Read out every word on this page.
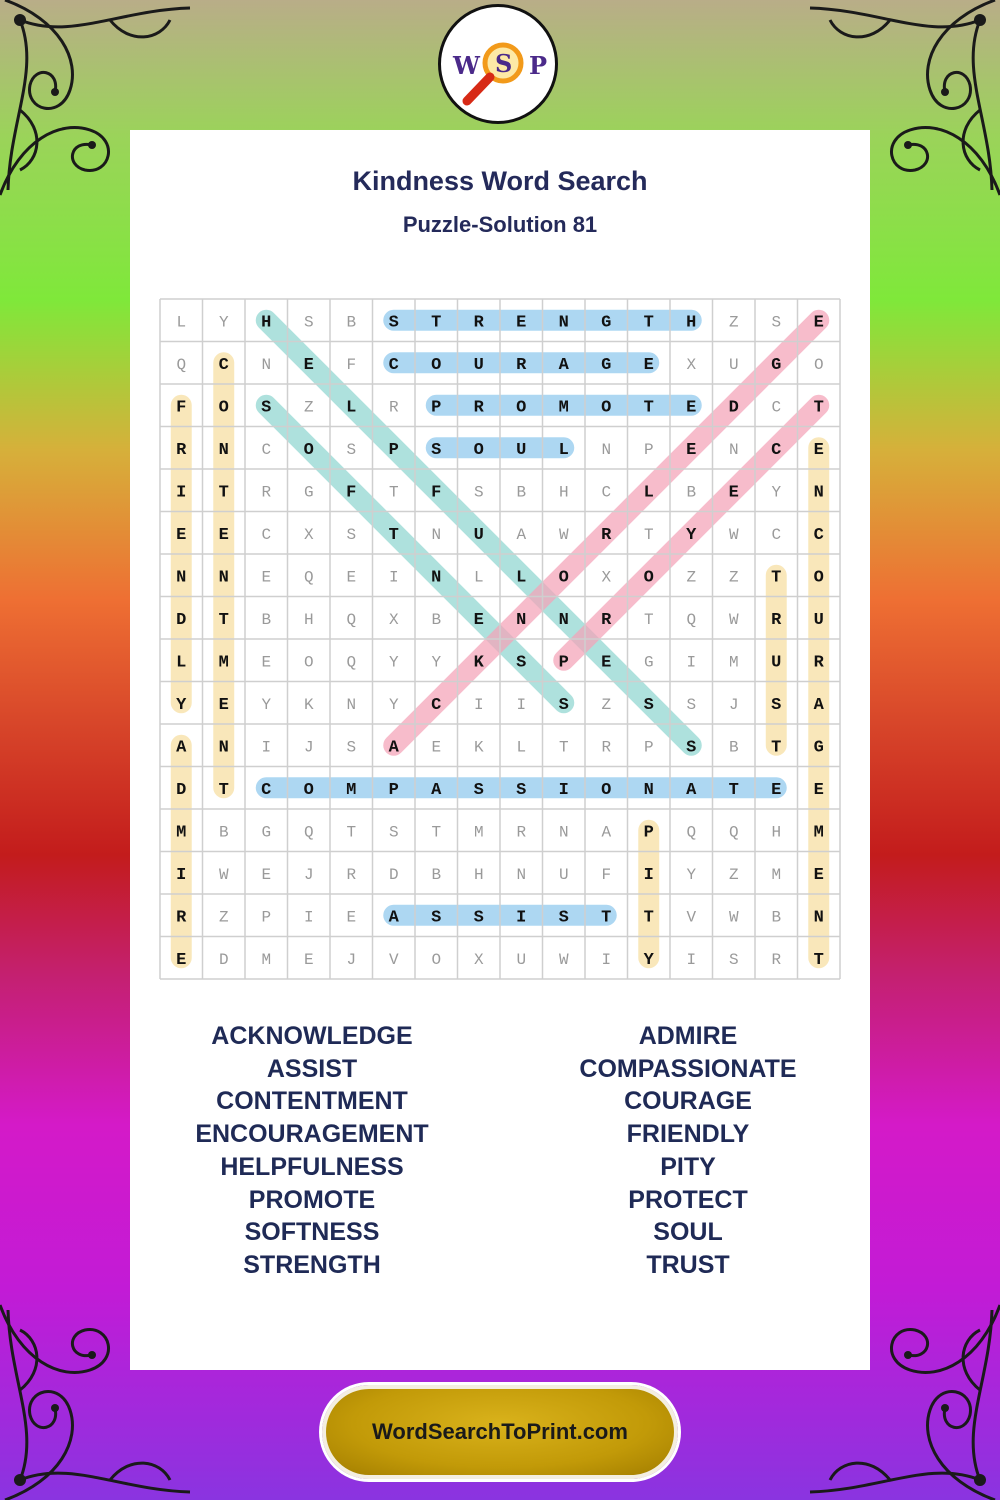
W S P
Kindness Word Search
Puzzle-Solution 81
L Y H S B S T R E N G T H Z S E
Q C N E F C O U R A G E X U G O
F O S Z L R P R O M O T E D C T
R N C O S P S O U L N P E N C E
I T R G F T F S B H C L B E Y N
E E C X S T N U A W R T Y W C C
N N E Q E I N L L O X O Z Z T O
D T B H Q X B E N N R T Q W R U
L M E O Q Y Y K S P E G I M U R
Y E Y K N Y C I I S Z S S J S A
A N I J S A E K L T R P S B T G
D T C O M P A S S I O N A T E E
M B G Q T S T M R N A P Q Q H M
I W E J R D B H N U F I Y Z M E
R Z P I E A S S I S T T V W B N
E D M E J V O X U W I Y I S R T
ACKNOWLEDGE
ASSIST
CONTENTMENT
ENCOURAGEMENT
HELPFULNESS
PROMOTE
SOFTNESS
STRENGTH
ADMIRE
COMPASSIONATE
COURAGE
FRIENDLY
PITY
PROTECT
SOUL
TRUST
WordSearchToPrint.com
